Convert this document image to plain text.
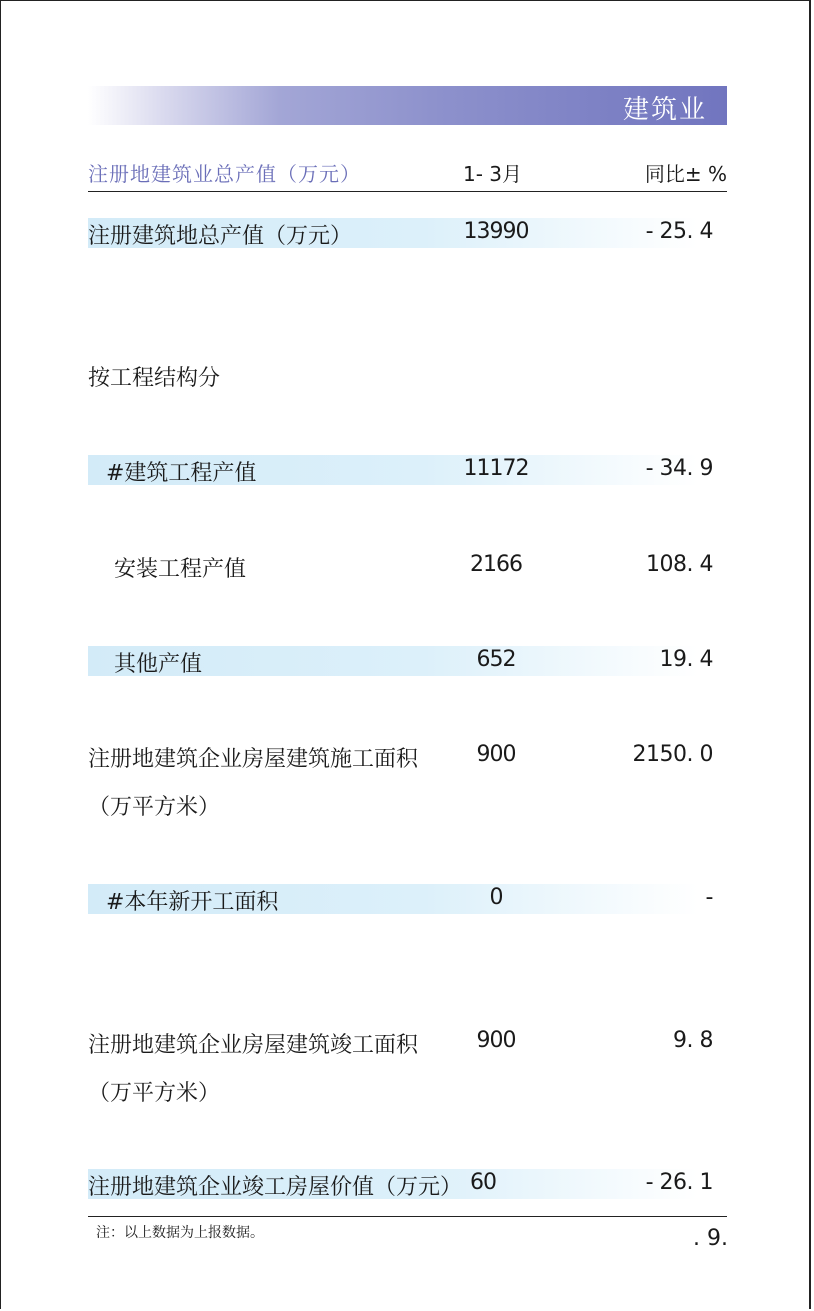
建筑业
注册地建筑业总产值（万元）	1- 3月	同比± %
注册建筑地总产值（万元）	13990	- 25. 4
按工程结构分
#建筑工程产值	11172	- 34. 9
安装工程产值	2166	108. 4
其他产值	652	19. 4
注册地建筑企业房屋建筑施工面积
（万平方米）
900	2150. 0
#本年新开工面积	0	-
注册地建筑企业房屋建筑竣工面积
（万平方米）
900	9. 8
注册地建筑企业竣工房屋价值（万元） 60	- 26. 1
注：以上数据为上报数据。	. 9.
